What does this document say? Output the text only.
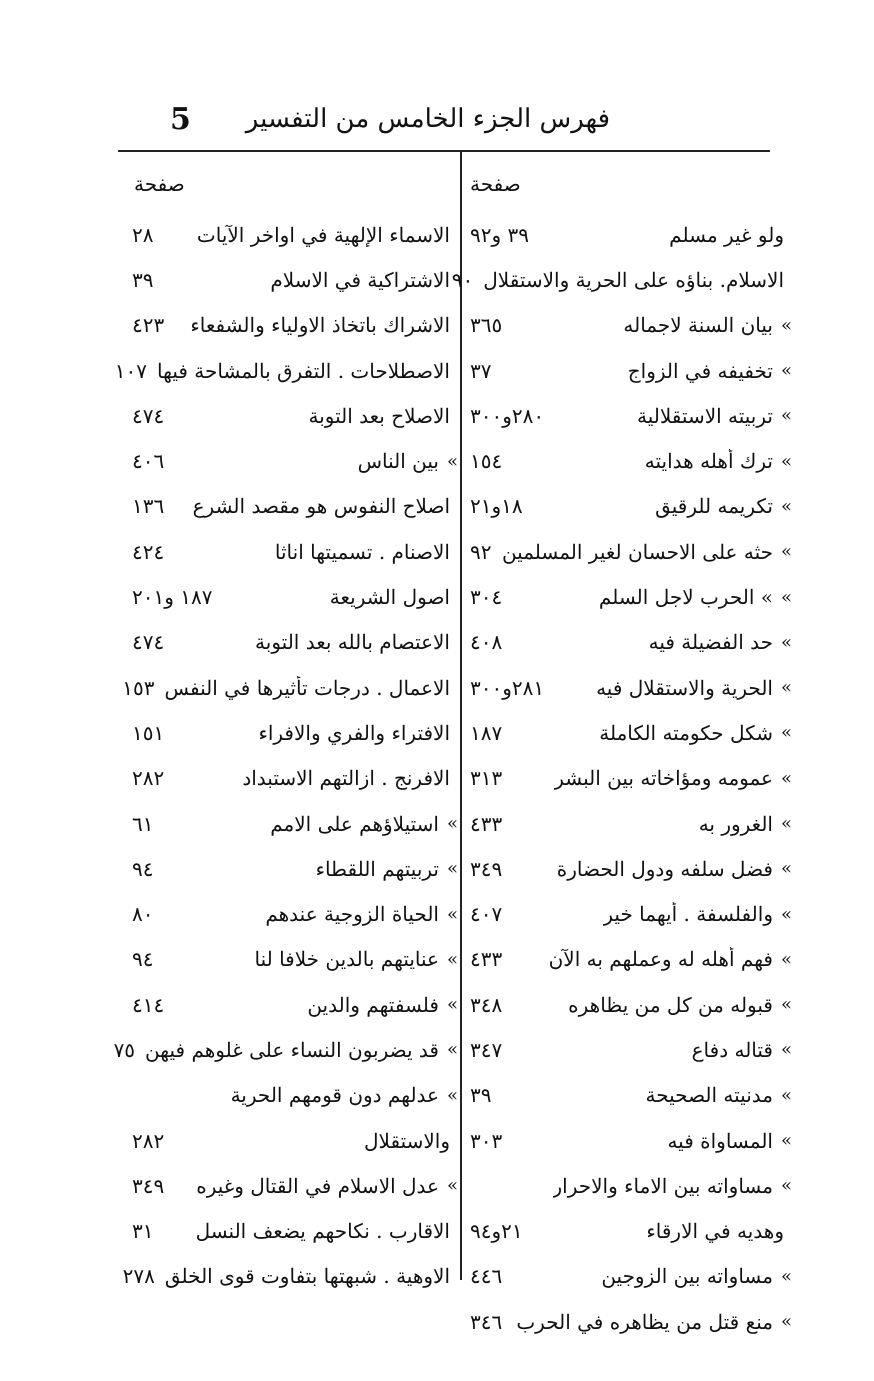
فهرس الجزء الخامس من التفسير
5
صفحة
صفحة
ولو غير مسلم
٣٩ و٩٢
الاسلام. بناؤه على الحرية والاستقلال
٩٠
»
بيان السنة لاجماله
٣٦٥
»
تخفيفه في الزواج
٣٧
»
تربيته الاستقلالية
٢٨٠و٣٠٠
»
ترك أهله هدايته
١٥٤
»
تكريمه للرقيق
١٨و٢١
»
حثه على الاحسان لغير المسلمين
٩٢
»
» الحرب لاجل السلم
٣٠٤
»
حد الفضيلة فيه
٤٠٨
»
الحرية والاستقلال فيه
٢٨١و٣٠٠
»
شكل حكومته الكاملة
١٨٧
»
عمومه ومؤاخاته بين البشر
٣١٣
»
الغرور به
٤٣٣
»
فضل سلفه ودول الحضارة
٣٤٩
»
والفلسفة . أيهما خير
٤٠٧
»
فهم أهله له وعملهم به الآن
٤٣٣
»
قبوله من كل من يظاهره
٣٤٨
»
قتاله دفاع
٣٤٧
»
مدنيته الصحيحة
٣٩
»
المساواة فيه
٣٠٣
»
مساواته بين الاماء والاحرار
وهديه في الارقاء
٢١و٩٤
»
مساواته بين الزوجين
٤٤٦
»
منع قتل من يظاهره في الحرب
٣٤٦
الاسماء الإلهية في اواخر الآيات
٢٨
الاشتراكية في الاسلام
٣٩
الاشراك باتخاذ الاولياء والشفعاء
٤٢٣
الاصطلاحات . التفرق بالمشاحة فيها
١٠٧
الاصلاح بعد التوبة
٤٧٤
»
بين الناس
٤٠٦
اصلاح النفوس هو مقصد الشرع
١٣٦
الاصنام . تسميتها اناثا
٤٢٤
اصول الشريعة
١٨٧ و٢٠١
الاعتصام بالله بعد التوبة
٤٧٤
الاعمال . درجات تأثيرها في النفس
١٥٣
الافتراء والفري والافراء
١٥١
الافرنج . ازالتهم الاستبداد
٢٨٢
»
استيلاؤهم على الامم
٦١
»
تربيتهم اللقطاء
٩٤
»
الحياة الزوجية عندهم
٨٠
»
عنايتهم بالدين خلافا لنا
٩٤
»
فلسفتهم والدين
٤١٤
»
قد يضربون النساء على غلوهم فيهن
٧٥
»
عدلهم دون قومهم الحرية
والاستقلال
٢٨٢
»
عدل الاسلام في القتال وغيره
٣٤٩
الاقارب . نكاحهم يضعف النسل
٣١
الاوهية . شبهتها بتفاوت قوى الخلق
٢٧٨
